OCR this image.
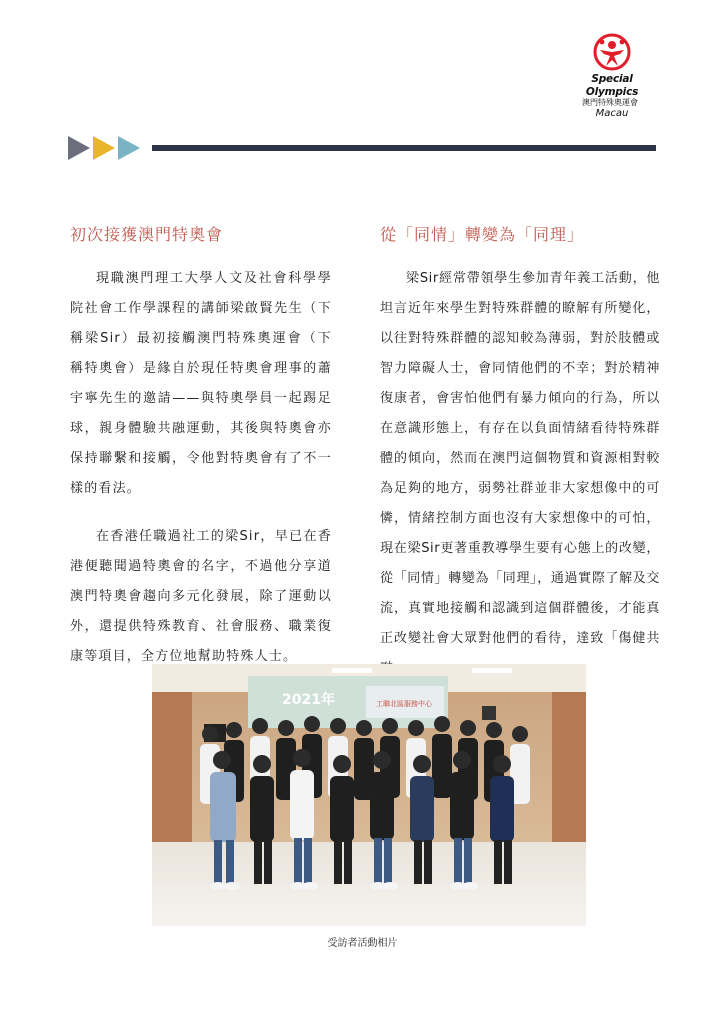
Special
Olympics
澳門特殊奧運會
Macau
初次接獲澳門特奧會

現職澳門理工大學人文及社會科學學院社會工作學課程的講師梁啟賢先生（下稱梁Sir）最初接觸澳門特殊奧運會（下稱特奧會）是緣自於現任特奧會理事的蕭宇寧先生的邀請——與特奧學員一起踢足球，親身體驗共融運動，其後與特奧會亦保持聯繫和接觸，令他對特奧會有了不一樣的看法。

在香港任職過社工的梁Sir，早已在香港便聽聞過特奧會的名字，不過他分享道澳門特奧會趨向多元化發展，除了運動以外，還提供特殊教育、社會服務、職業復康等項目，全方位地幫助特殊人士。

從「同情」轉變為「同理」

梁Sir經常帶領學生參加青年義工活動，他坦言近年來學生對特殊群體的瞭解有所變化，以往對特殊群體的認知較為薄弱，對於肢體或智力障礙人士，會同情他們的不幸；對於精神復康者，會害怕他們有暴力傾向的行為，所以在意識形態上，有存在以負面情緒看待特殊群體的傾向，然而在澳門這個物質和資源相對較為足夠的地方，弱勢社群並非大家想像中的可憐，情緒控制方面也沒有大家想像中的可怕，現在梁Sir更著重教導學生要有心態上的改變，從「同情」轉變為「同理」，通過實際了解及交流，真實地接觸和認識到這個群體後，才能真正改變社會大眾對他們的看待，達致「傷健共

2021年	工聯北區服務中心
受訪者活動相片
